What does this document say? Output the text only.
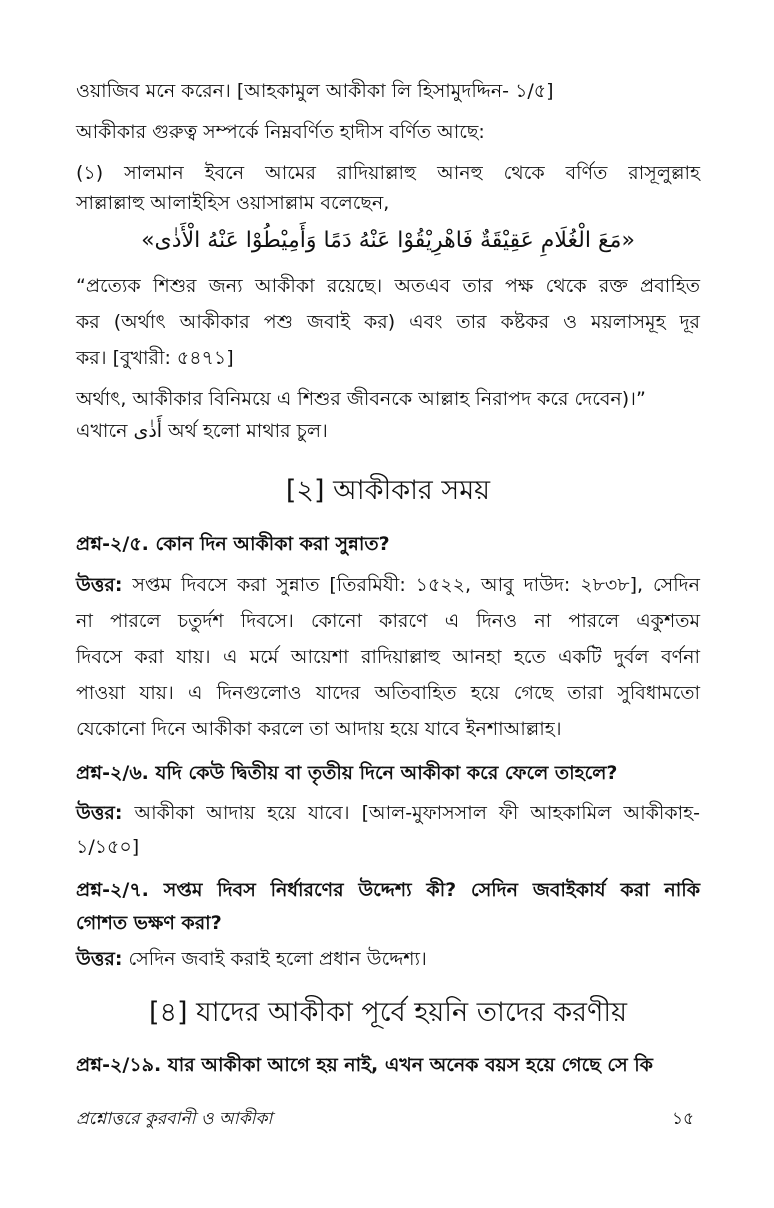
ওয়াজিব মনে করেন। [আহকামুল আকীকা লি হিসামুদদ্দিন- ১/৫]
আকীকার গুরুত্ব সম্পর্কে নিম্নবর্ণিত হাদীস বর্ণিত আছে:
(১) সালমান ইবনে আমের রাদিয়াল্লাহু আনহু থেকে বর্ণিত রাসূলুল্লাহ
সাল্লাল্লাহু আলাইহিস ওয়াসাল্লাম বলেছেন,
«مَعَ الْغُلَامِ عَقِيْقَةٌ فَاهْرِيْقُوْا عَنْهُ دَمًا وَأَمِيْطُوْا عَنْهُ الْأَذٰى»
“প্রত্যেক শিশুর জন্য আকীকা রয়েছে। অতএব তার পক্ষ থেকে রক্ত প্রবাহিত
কর (অর্থাৎ আকীকার পশু জবাই কর) এবং তার কষ্টকর ও ময়লাসমূহ দূর
কর। [বুখারী: ৫৪৭১]
অর্থাৎ, আকীকার বিনিময়ে এ শিশুর জীবনকে আল্লাহ নিরাপদ করে দেবেন)।”
এখানে أَذٰى অর্থ হলো মাথার চুল।
[২] আকীকার সময়
প্রশ্ন-২/৫. কোন দিন আকীকা করা সুন্নাত?
উত্তর: সপ্তম দিবসে করা সুন্নাত [তিরমিযী: ১৫২২, আবু দাউদ: ২৮৩৮], সেদিন
না পারলে চতুর্দশ দিবসে। কোনো কারণে এ দিনও না পারলে একুশতম
দিবসে করা যায়। এ মর্মে আয়েশা রাদিয়াল্লাহু আনহা হতে একটি দুর্বল বর্ণনা
পাওয়া যায়। এ দিনগুলোও যাদের অতিবাহিত হয়ে গেছে তারা সুবিধামতো
যেকোনো দিনে আকীকা করলে তা আদায় হয়ে যাবে ইনশাআল্লাহ।
প্রশ্ন-২/৬. যদি কেউ দ্বিতীয় বা তৃতীয় দিনে আকীকা করে ফেলে তাহলে?
উত্তর: আকীকা আদায় হয়ে যাবে। [আল-মুফাসসাল ফী আহকামিল আকীকাহ-
১/১৫০]
প্রশ্ন-২/৭. সপ্তম দিবস নির্ধারণের উদ্দেশ্য কী? সেদিন জবাইকার্য করা নাকি
গোশত ভক্ষণ করা?
উত্তর: সেদিন জবাই করাই হলো প্রধান উদ্দেশ্য।
[৪] যাদের আকীকা পূর্বে হয়নি তাদের করণীয়
প্রশ্ন-২/১৯. যার আকীকা আগে হয় নাই, এখন অনেক বয়স হয়ে গেছে সে কি
প্রশ্নোত্তরে কুরবানী ও আকীকা	১৫
